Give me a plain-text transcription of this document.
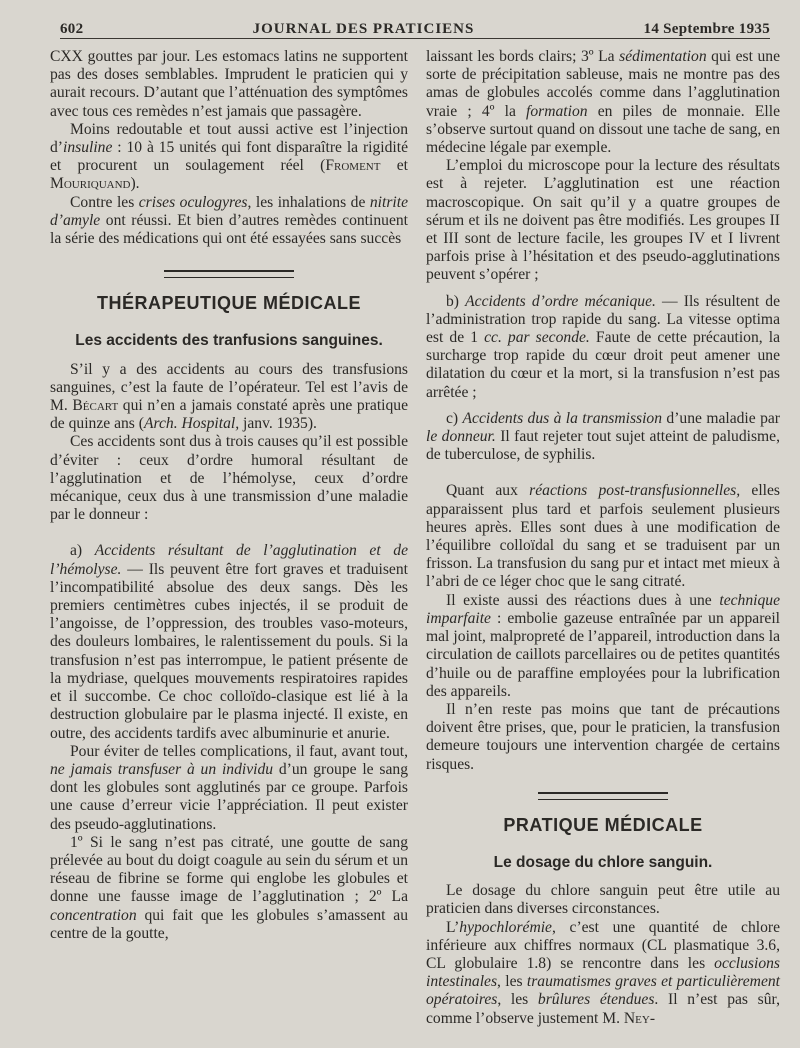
602	JOURNAL DES PRATICIENS	14 Septembre 1935

CXX gouttes par jour. Les estomacs latins ne supportent pas des doses semblables. Imprudent le praticien qui y aurait recours. D’autant que l’atténuation des symptômes avec tous ces remèdes n’est jamais que passagère.

Moins redoutable et tout aussi active est l’injection d’insuline : 10 à 15 unités qui font disparaître la rigidité et procurent un soulagement réel (Froment et Mouriquand).

Contre les crises oculogyres, les inhalations de nitrite d’amyle ont réussi. Et bien d’autres remèdes continuent la série des médications qui ont été essayées sans succès

THÉRAPEUTIQUE MÉDICALE
Les accidents des tranfusions sanguines.

S’il y a des accidents au cours des transfusions sanguines, c’est la faute de l’opérateur. Tel est l’avis de M. Bécart qui n’en a jamais constaté après une pratique de quinze ans (Arch. Hospital, janv. 1935).

Ces accidents sont dus à trois causes qu’il est possible d’éviter : ceux d’ordre humoral résultant de l’agglutination et de l’hémolyse, ceux d’ordre mécanique, ceux dus à une transmission d’une maladie par le donneur :

a) Accidents résultant de l’agglutination et de l’hémolyse. — Ils peuvent être fort graves et traduisent l’incompatibilité absolue des deux sangs. Dès les premiers centimètres cubes injectés, il se produit de l’angoisse, de l’oppression, des troubles vaso-moteurs, des douleurs lombaires, le ralentissement du pouls. Si la transfusion n’est pas interrompue, le patient présente de la mydriase, quelques mouvements respiratoires rapides et il succombe. Ce choc colloïdo-clasique est lié à la destruction globulaire par le plasma injecté. Il existe, en outre, des accidents tardifs avec albuminurie et anurie.

Pour éviter de telles complications, il faut, avant tout, ne jamais transfuser à un individu d’un groupe le sang dont les globules sont agglutinés par ce groupe. Parfois une cause d’erreur vicie l’appréciation. Il peut exister des pseudo-agglutinations.

1º Si le sang n’est pas citraté, une goutte de sang prélevée au bout du doigt coagule au sein du sérum et un réseau de fibrine se forme qui englobe les globules et donne une fausse image de l’agglutination ; 2º La concentration qui fait que les globules s’amassent au centre de la goutte,

laissant les bords clairs; 3º La sédimentation qui est une sorte de précipitation sableuse, mais ne montre pas des amas de globules accolés comme dans l’agglutination vraie ; 4º la formation en piles de monnaie. Elle s’observe surtout quand on dissout une tache de sang, en médecine légale par exemple.

L’emploi du microscope pour la lecture des résultats est à rejeter. L’agglutination est une réaction macroscopique. On sait qu’il y a quatre groupes de sérum et ils ne doivent pas être modifiés. Les groupes II et III sont de lecture facile, les groupes IV et I livrent parfois prise à l’hésitation et des pseudo-agglutinations peuvent s’opérer ;

b) Accidents d’ordre mécanique. — Ils résultent de l’administration trop rapide du sang. La vitesse optima est de 1 cc. par seconde. Faute de cette précaution, la surcharge trop rapide du cœur droit peut amener une dilatation du cœur et la mort, si la transfusion n’est pas arrêtée ;

c) Accidents dus à la transmission d’une maladie par le donneur. Il faut rejeter tout sujet atteint de paludisme, de tuberculose, de syphilis.

Quant aux réactions post-transfusionnelles, elles apparaissent plus tard et parfois seulement plusieurs heures après. Elles sont dues à une modification de l’équilibre colloïdal du sang et se traduisent par un frisson. La transfusion du sang pur et intact met mieux à l’abri de ce léger choc que le sang citraté.

Il existe aussi des réactions dues à une technique imparfaite : embolie gazeuse entraînée par un appareil mal joint, malpropreté de l’appareil, introduction dans la circulation de caillots parcellaires ou de petites quantités d’huile ou de paraffine employées pour la lubrification des appareils.

Il n’en reste pas moins que tant de précautions doivent être prises, que, pour le praticien, la transfusion demeure toujours une intervention chargée de certains risques.

PRATIQUE MÉDICALE
Le dosage du chlore sanguin.

Le dosage du chlore sanguin peut être utile au praticien dans diverses circonstances.

L’hypochlorémie, c’est une quantité de chlore inférieure aux chiffres normaux (CL plasmatique 3.6, CL globulaire 1.8) se rencontre dans les occlusions intestinales, les traumatismes graves et particulièrement opératoires, les brûlures étendues. Il n’est pas sûr, comme l’observe justement M. Ney-
